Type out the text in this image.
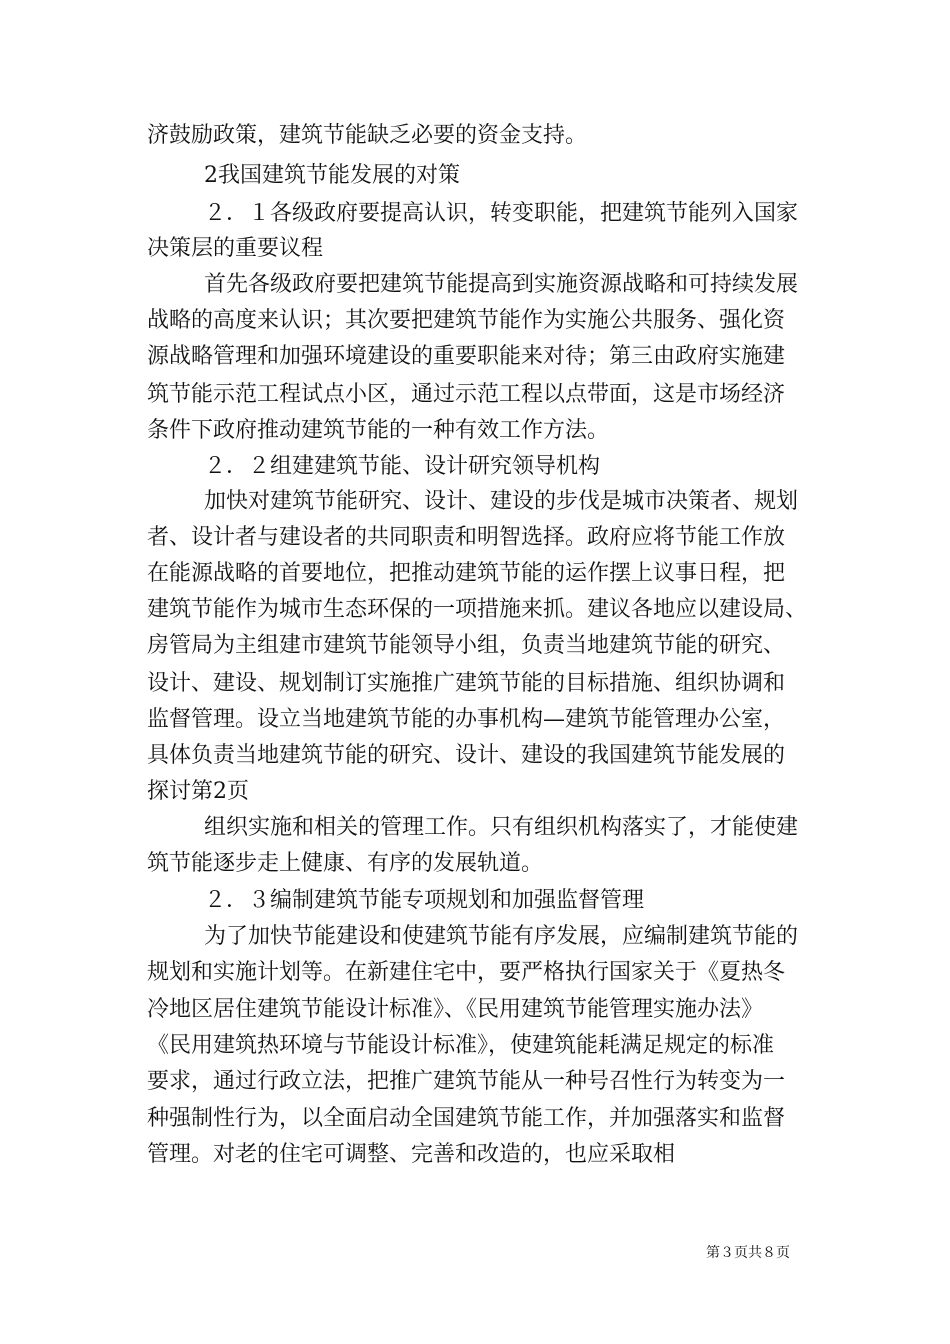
济鼓励政策，建筑节能缺乏必要的资金支持。
2我国建筑节能发展的对策
２．１各级政府要提高认识，转变职能，把建筑节能列入国家
决策层的重要议程
首先各级政府要把建筑节能提高到实施资源战略和可持续发展
战略的高度来认识；其次要把建筑节能作为实施公共服务、强化资
源战略管理和加强环境建设的重要职能来对待；第三由政府实施建
筑节能示范工程试点小区，通过示范工程以点带面，这是市场经济
条件下政府推动建筑节能的一种有效工作方法。
２．２组建建筑节能、设计研究领导机构
加快对建筑节能研究、设计、建设的步伐是城市决策者、规划
者、设计者与建设者的共同职责和明智选择。政府应将节能工作放
在能源战略的首要地位，把推动建筑节能的运作摆上议事日程，把
建筑节能作为城市生态环保的一项措施来抓。建议各地应以建设局、
房管局为主组建市建筑节能领导小组，负责当地建筑节能的研究、
设计、建设、规划制订实施推广建筑节能的目标措施、组织协调和
监督管理。设立当地建筑节能的办事机构—建筑节能管理办公室，
具体负责当地建筑节能的研究、设计、建设的我国建筑节能发展的
探讨第2页
组织实施和相关的管理工作。只有组织机构落实了，才能使建
筑节能逐步走上健康、有序的发展轨道。
２．３编制建筑节能专项规划和加强监督管理
为了加快节能建设和使建筑节能有序发展，应编制建筑节能的
规划和实施计划等。在新建住宅中，要严格执行国家关于《夏热冬
冷地区居住建筑节能设计标准》、《民用建筑节能管理实施办法》
《民用建筑热环境与节能设计标准》，使建筑能耗满足规定的标准
要求，通过行政立法，把推广建筑节能从一种号召性行为转变为一
种强制性行为，以全面启动全国建筑节能工作，并加强落实和监督
管理。对老的住宅可调整、完善和改造的，也应采取相
第３页共８页
